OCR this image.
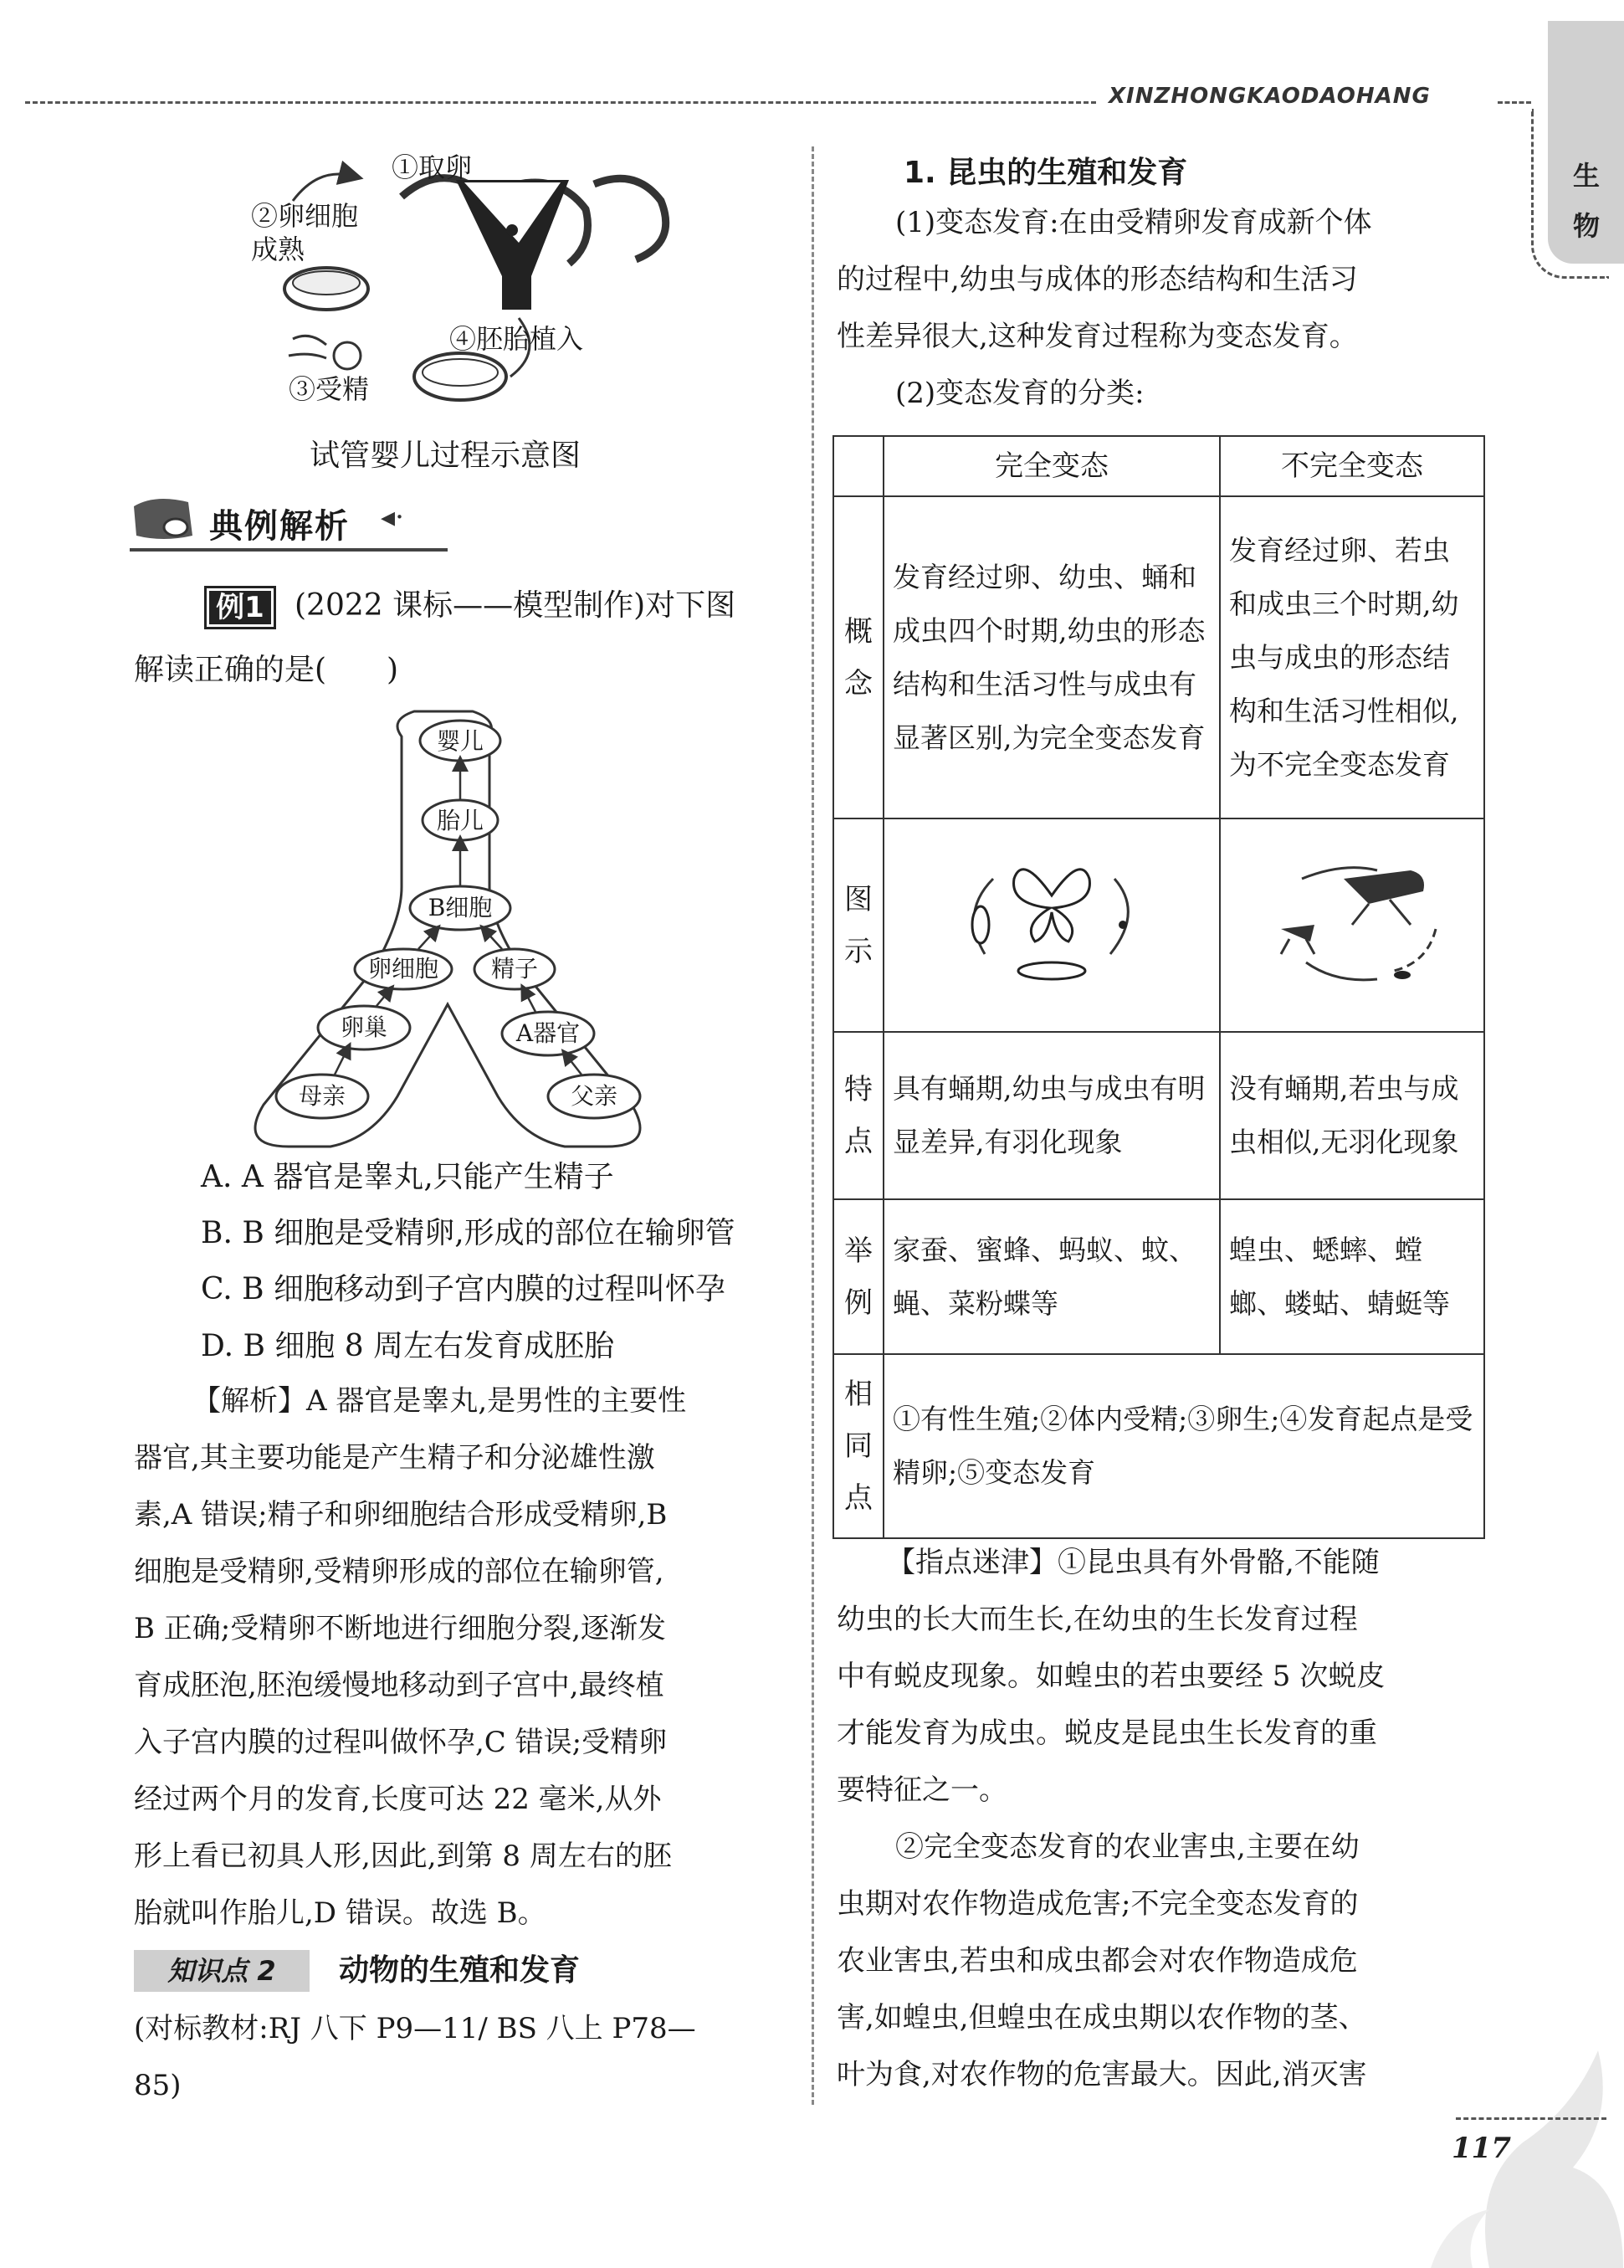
XINZHONGKAODAOHANG
生物
①取卵
②卵细胞成熟
③受精
④胚胎植入
试管婴儿过程示意图
典例解析 ◂·
例1	(2022 课标——模型制作)对下图
解读正确的是(　　)
婴儿
胎儿
B细胞
卵细胞	精子
卵巢	A器官
母亲	父亲
A. A 器官是睾丸,只能产生精子
B. B 细胞是受精卵,形成的部位在输卵管
C. B 细胞移动到子宫内膜的过程叫怀孕
D. B 细胞 8 周左右发育成胚胎
【解析】A 器官是睾丸,是男性的主要性
器官,其主要功能是产生精子和分泌雄性激
素,A 错误;精子和卵细胞结合形成受精卵,B
细胞是受精卵,受精卵形成的部位在输卵管,
B 正确;受精卵不断地进行细胞分裂,逐渐发
育成胚泡,胚泡缓慢地移动到子宫中,最终植
入子宫内膜的过程叫做怀孕,C 错误;受精卵
经过两个月的发育,长度可达 22 毫米,从外
形上看已初具人形,因此,到第 8 周左右的胚
胎就叫作胎儿,D 错误。故选 B。
知识点 2	动物的生殖和发育
(对标教材:RJ 八下 P9—11/ BS 八上 P78—
85)
1. 昆虫的生殖和发育
(1)变态发育:在由受精卵发育成新个体
的过程中,幼虫与成体的形态结构和生活习
性差异很大,这种发育过程称为变态发育。
(2)变态发育的分类:
	完全变态	不完全变态
概念	发育经过卵、幼虫、蛹和成虫四个时期,幼虫的形态结构和生活习性与成虫有显著区别,为完全变态发育	发育经过卵、若虫和成虫三个时期,幼虫与成虫的形态结构和生活习性相似,为不完全变态发育
图示		
特点	具有蛹期,幼虫与成虫有明显差异,有羽化现象	没有蛹期,若虫与成虫相似,无羽化现象
举例	家蚕、蜜蜂、蚂蚁、蚊、蝇、菜粉蝶等	蝗虫、蟋蟀、螳螂、蝼蛄、蜻蜓等
相同点	①有性生殖;②体内受精;③卵生;④发育起点是受精卵;⑤变态发育	
【指点迷津】①昆虫具有外骨骼,不能随
幼虫的长大而生长,在幼虫的生长发育过程
中有蜕皮现象。如蝗虫的若虫要经 5 次蜕皮
才能发育为成虫。蜕皮是昆虫生长发育的重
要特征之一。
②完全变态发育的农业害虫,主要在幼
虫期对农作物造成危害;不完全变态发育的
农业害虫,若虫和成虫都会对农作物造成危
害,如蝗虫,但蝗虫在成虫期以农作物的茎、
叶为食,对农作物的危害最大。因此,消灭害
117
